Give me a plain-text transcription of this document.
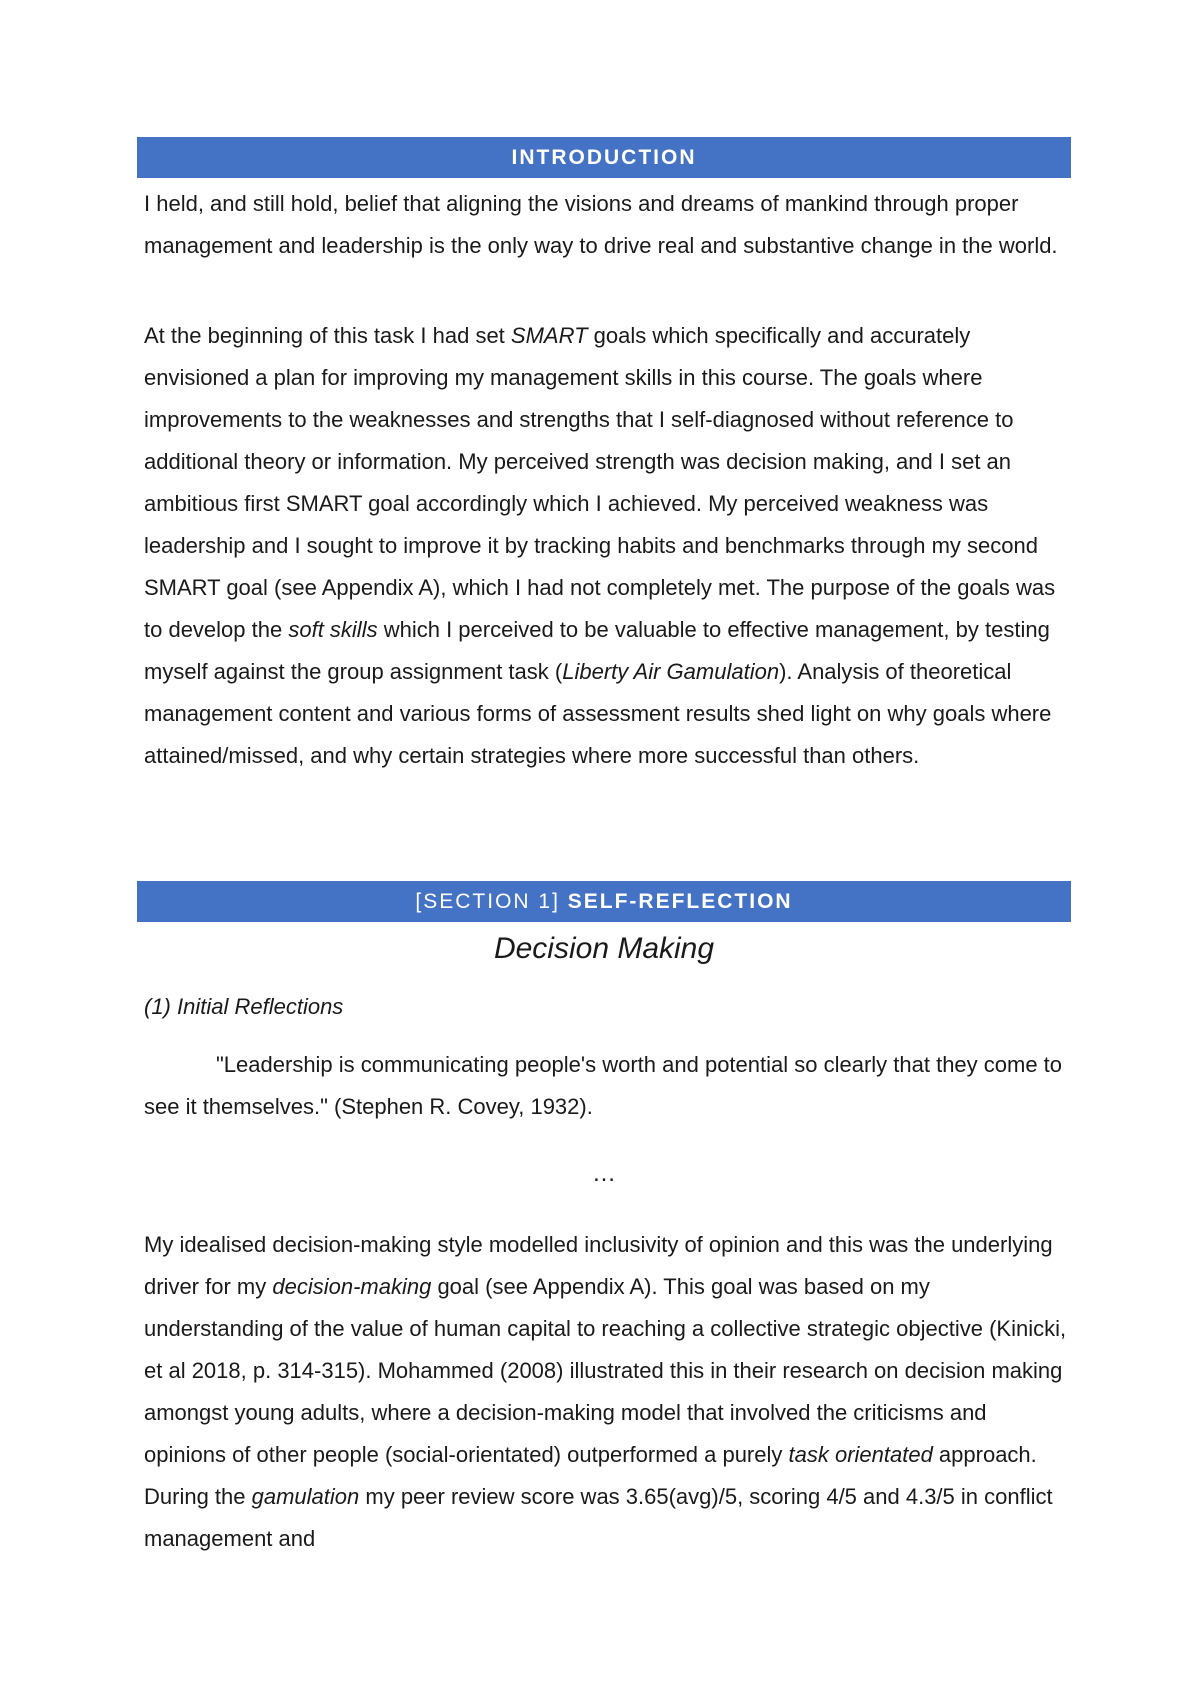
INTRODUCTION

I held, and still hold, belief that aligning the visions and dreams of mankind through proper management and leadership is the only way to drive real and substantive change in the world.

At the beginning of this task I had set SMART goals which specifically and accurately envisioned a plan for improving my management skills in this course. The goals where improvements to the weaknesses and strengths that I self-diagnosed without reference to additional theory or information. My perceived strength was decision making, and I set an ambitious first SMART goal accordingly which I achieved. My perceived weakness was leadership and I sought to improve it by tracking habits and benchmarks through my second SMART goal (see Appendix A), which I had not completely met. The purpose of the goals was to develop the soft skills which I perceived to be valuable to effective management, by testing myself against the group assignment task (Liberty Air Gamulation). Analysis of theoretical management content and various forms of assessment results shed light on why goals where attained/missed, and why certain strategies where more successful than others.

[SECTION 1] SELF-REFLECTION

Decision Making

(1) Initial Reflections

"Leadership is communicating people's worth and potential so clearly that they come to see it themselves." (Stephen R. Covey, 1932).

…

My idealised decision-making style modelled inclusivity of opinion and this was the underlying driver for my decision-making goal (see Appendix A). This goal was based on my understanding of the value of human capital to reaching a collective strategic objective (Kinicki, et al 2018, p. 314-315). Mohammed (2008) illustrated this in their research on decision making amongst young adults, where a decision-making model that involved the criticisms and opinions of other people (social-orientated) outperformed a purely task orientated approach. During the gamulation my peer review score was 3.65(avg)/5, scoring 4/5 and 4.3/5 in conflict management and
